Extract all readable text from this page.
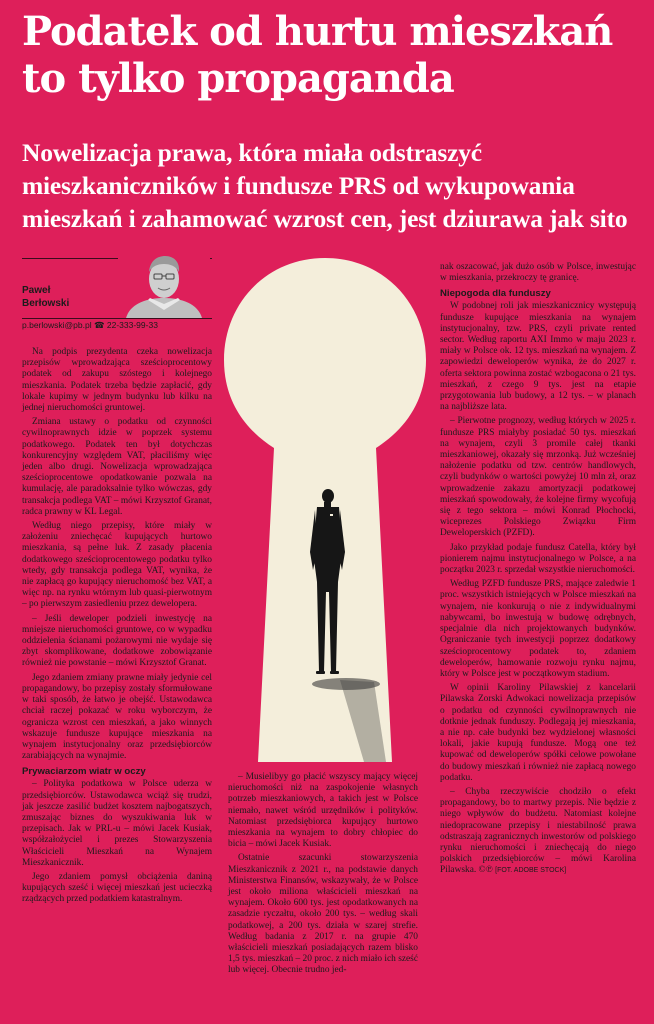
Podatek od hurtu mieszkań
to tylko propaganda
Nowelizacja prawa, która miała odstraszyć
mieszkaniczników i fundusze PRS od wykupowania
mieszkań i zahamować wzrost cen, jest dziurawa jak sito
Paweł
Berłowski
p.berlowski@pb.pl ☎ 22-333-99-33

Na podpis prezydenta czeka nowelizacja przepisów wprowadzająca sześcioprocentowy podatek od zakupu szóstego i kolejnego mieszkania. Podatek trzeba będzie zapłacić, gdy lokale kupimy w jednym budynku lub kilku na jednej nieruchomości gruntowej.

Zmiana ustawy o podatku od czynności cywilnoprawnych idzie w poprzek systemu podatkowego. Podatek ten był dotychczas konkurencyjny względem VAT, płaciliśmy więc jeden albo drugi. Nowelizacja wprowadzająca sześcioprocentowe opodatkowanie pozwala na kumulację, ale paradoksalnie tylko wówczas, gdy transakcja podlega VAT – mówi Krzysztof Granat, radca prawny w KL Legal.

Według niego przepisy, które miały w założeniu zniechęcać kupujących hurtowo mieszkania, są pełne luk. Z zasady płacenia dodatkowego sześcioprocentowego podatku tylko wtedy, gdy transakcja podlega VAT, wynika, że nie zapłacą go kupujący nieruchomość bez VAT, a więc np. na rynku wtórnym lub quasi-pierwotnym – po pierwszym zasiedleniu przez dewelopera.

– Jeśli deweloper podzieli inwestycję na mniejsze nieruchomości gruntowe, co w wypadku oddzielenia ścianami pożarowymi nie wydaje się zbyt skomplikowane, dodatkowe zobowiązanie również nie powstanie – mówi Krzysztof Granat.

Jego zdaniem zmiany prawne miały jedynie cel propagandowy, bo przepisy zostały sformułowane w taki sposób, że łatwo je obejść. Ustawodawca chciał raczej pokazać w roku wyborczym, że ogranicza wzrost cen mieszkań, a jako winnych wskazuje fundusze kupujące mieszkania na wynajem instytucjonalny oraz przedsiębiorców zarabiających na wynajmie.

Prywaciarzom wiatr w oczy

– Polityka podatkowa w Polsce uderza w przedsiębiorców. Ustawodawca wciąż się trudzi, jak jeszcze zasilić budżet kosztem najbogatszych, zmuszając biznes do wyszukiwania luk w przepisach. Jak w PRL-u – mówi Jacek Kusiak, współzałożyciel i prezes Stowarzyszenia Właścicieli Mieszkań na Wynajem Mieszkanicznik.

Jego zdaniem pomysł obciążenia daniną kupujących sześć i więcej mieszkań jest ucieczką rządzących przed podatkiem katastralnym.

– Musielibyy go płacić wszyscy mający więcej nieruchomości niż na zaspokojenie własnych potrzeb mieszkaniowych, a takich jest w Polsce niemało, nawet wśród urzędników i polityków. Natomiast przedsiębiorca kupujący hurtowo mieszkania na wynajem to dobry chłopiec do bicia – mówi Jacek Kusiak.

Ostatnie szacunki stowarzyszenia Mieszkanicznik z 2021 r., na podstawie danych Ministerstwa Finansów, wskazywały, że w Polsce jest około miliona właścicieli mieszkań na wynajem. Około 600 tys. jest opodatkowanych na zasadzie ryczałtu, około 200 tys. – według skali podatkowej, a 200 tys. działa w szarej strefie. Według badania z 2017 r. na grupie 470 właścicieli mieszkań posiadających razem blisko 1,5 tys. mieszkań – 20 proc. z nich miało ich sześć lub więcej. Obecnie trudno jed-

nak oszacować, jak dużo osób w Polsce, inwestując w mieszkania, przekroczy tę granicę.

Niepogoda dla funduszy

W podobnej roli jak mieszkanicznicy występują fundusze kupujące mieszkania na wynajem instytucjonalny, tzw. PRS, czyli private rented sector. Według raportu AXI Immo w maju 2023 r. miały w Polsce ok. 12 tys. mieszkań na wynajem. Z zapowiedzi deweloperów wynika, że do 2027 r. oferta sektora powinna zostać wzbogacona o 21 tys. mieszkań, z czego 9 tys. jest na etapie przygotowania lub budowy, a 12 tys. – w planach na najbliższe lata.

– Pierwotne prognozy, według których w 2025 r. fundusze PRS miałyby posiadać 50 tys. mieszkań na wynajem, czyli 3 promile całej tkanki mieszkaniowej, okazały się mrzonką. Już wcześniej nałożenie podatku od tzw. centrów handlowych, czyli budynków o wartości powyżej 10 mln zł, oraz wprowadzenie zakazu amortyzacji podatkowej mieszkań spowodowały, że kolejne firmy wycofują się z tego sektora – mówi Konrad Płochocki, wiceprezes Polskiego Związku Firm Deweloperskich (PZFD).

Jako przykład podaje fundusz Catella, który był pionierem najmu instytucjonalnego w Polsce, a na początku 2023 r. sprzedał wszystkie nieruchomości.

Według PZFD fundusze PRS, mające zaledwie 1 proc. wszystkich istniejących w Polsce mieszkań na wynajem, nie konkurują o nie z indywidualnymi nabywcami, bo inwestują w budowę odrębnych, specjalnie dla nich projektowanych budynków. Ograniczanie tych inwestycji poprzez dodatkowy sześcioprocentowy podatek to, zdaniem deweloperów, hamowanie rozwoju rynku najmu, który w Polsce jest w początkowym stadium.

W opinii Karoliny Pilawskiej z kancelarii Pilawska Zorski Adwokaci nowelizacja przepisów o podatku od czynności cywilnoprawnych nie dotknie jednak funduszy. Podlegają jej mieszkania, a nie np. całe budynki bez wydzielonej własności lokali, jakie kupują fundusze. Mogą one też kupować od deweloperów spółki celowe powołane do budowy mieszkań i również nie zapłacą nowego podatku.

– Chyba rzeczywiście chodziło o efekt propagandowy, bo to martwy przepis. Nie będzie z niego wpływów do budżetu. Natomiast kolejne niedopracowane przepisy i niestabilność prawa odstraszają zagranicznych inwestorów od polskiego rynku nieruchomości i zniechęcają do niego polskich przedsiębiorców – mówi Karolina Pilawska. ©℗ [FOT. ADOBE STOCK]
